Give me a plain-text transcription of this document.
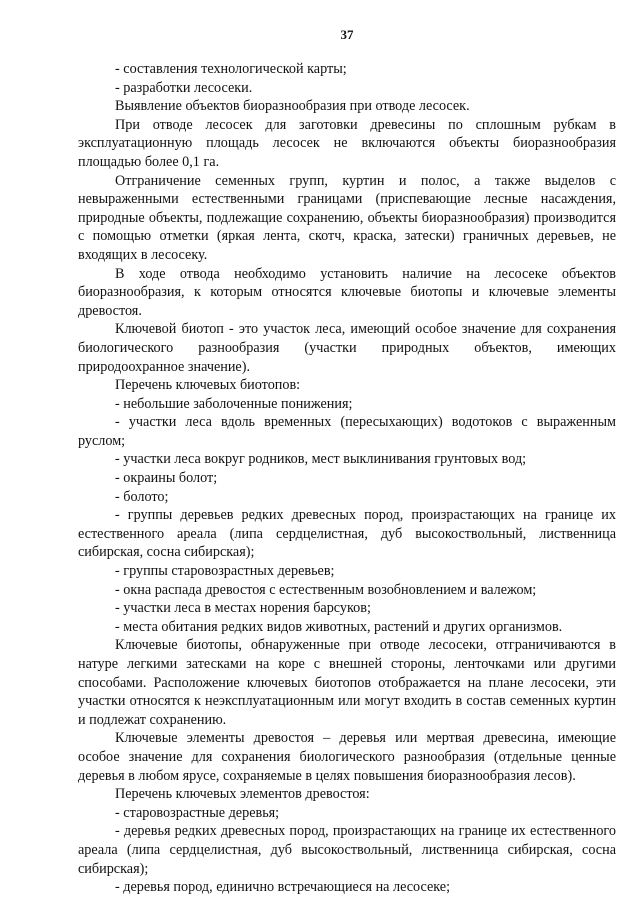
37

- составления технологической карты;

- разработки лесосеки.

Выявление объектов биоразнообразия при отводе лесосек.

При отводе лесосек для заготовки древесины по сплошным рубкам в эксплуатационную площадь лесосек не включаются объекты биоразнообразия площадью более 0,1 га.

Отграничение семенных групп, куртин и полос, а также выделов с невыраженными естественными границами (приспевающие лесные насаждения, природные объекты, подлежащие сохранению, объекты биоразнообразия) производится с помощью отметки (яркая лента, скотч, краска, затески) граничных деревьев, не входящих в лесосеку.

В ходе отвода необходимо установить наличие на лесосеке объектов биоразнообразия, к которым относятся ключевые биотопы и ключевые элементы древостоя.

Ключевой биотоп - это участок леса, имеющий особое значение для сохранения биологического разнообразия (участки природных объектов, имеющих природоохранное значение).

Перечень ключевых биотопов:

- небольшие заболоченные понижения;

- участки леса вдоль временных (пересыхающих) водотоков с выраженным руслом;

- участки леса вокруг родников, мест выклинивания грунтовых вод;

- окраины болот;

- болото;

- группы деревьев редких древесных пород, произрастающих на границе их естественного ареала (липа сердцелистная, дуб высокоствольный, лиственница сибирская, сосна сибирская);

- группы старовозрастных деревьев;

- окна распада древостоя с естественным возобновлением и валежом;

- участки леса в местах норения барсуков;

- места обитания редких видов животных, растений и других организмов.

Ключевые биотопы, обнаруженные при отводе лесосеки, отграничиваются в натуре легкими затесками на коре с внешней стороны, ленточками или другими способами. Расположение ключевых биотопов отображается на плане лесосеки, эти участки относятся к неэксплуатационным или могут входить в состав семенных куртин и подлежат сохранению.

Ключевые элементы древостоя – деревья или мертвая древесина, имеющие особое значение для сохранения биологического разнообразия (отдельные ценные деревья в любом ярусе, сохраняемые в целях повышения биоразнообразия лесов).

Перечень ключевых элементов древостоя:

- старовозрастные деревья;

- деревья редких древесных пород, произрастающих на границе их естественного ареала (липа сердцелистная, дуб высокоствольный, лиственница сибирская, сосна сибирская);

- деревья пород, единично встречающиеся на лесосеке;
